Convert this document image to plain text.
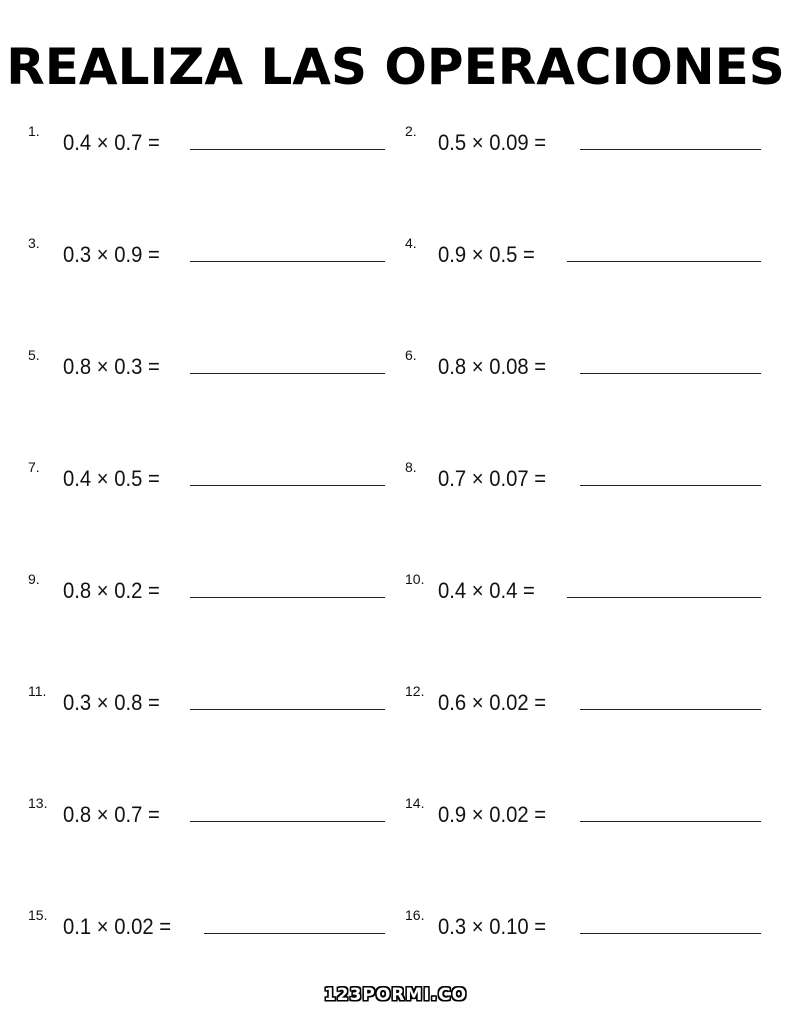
REALIZA LAS OPERACIONES
1. 0.4 × 0.7 =	2. 0.5 × 0.09 =
3. 0.3 × 0.9 =	4. 0.9 × 0.5 =
5. 0.8 × 0.3 =	6. 0.8 × 0.08 =
7. 0.4 × 0.5 =	8. 0.7 × 0.07 =
9. 0.8 × 0.2 =	10. 0.4 × 0.4 =
11. 0.3 × 0.8 =	12. 0.6 × 0.02 =
13. 0.8 × 0.7 =	14. 0.9 × 0.02 =
15. 0.1 × 0.02 =	16. 0.3 × 0.10 =
123PORMI.CO
